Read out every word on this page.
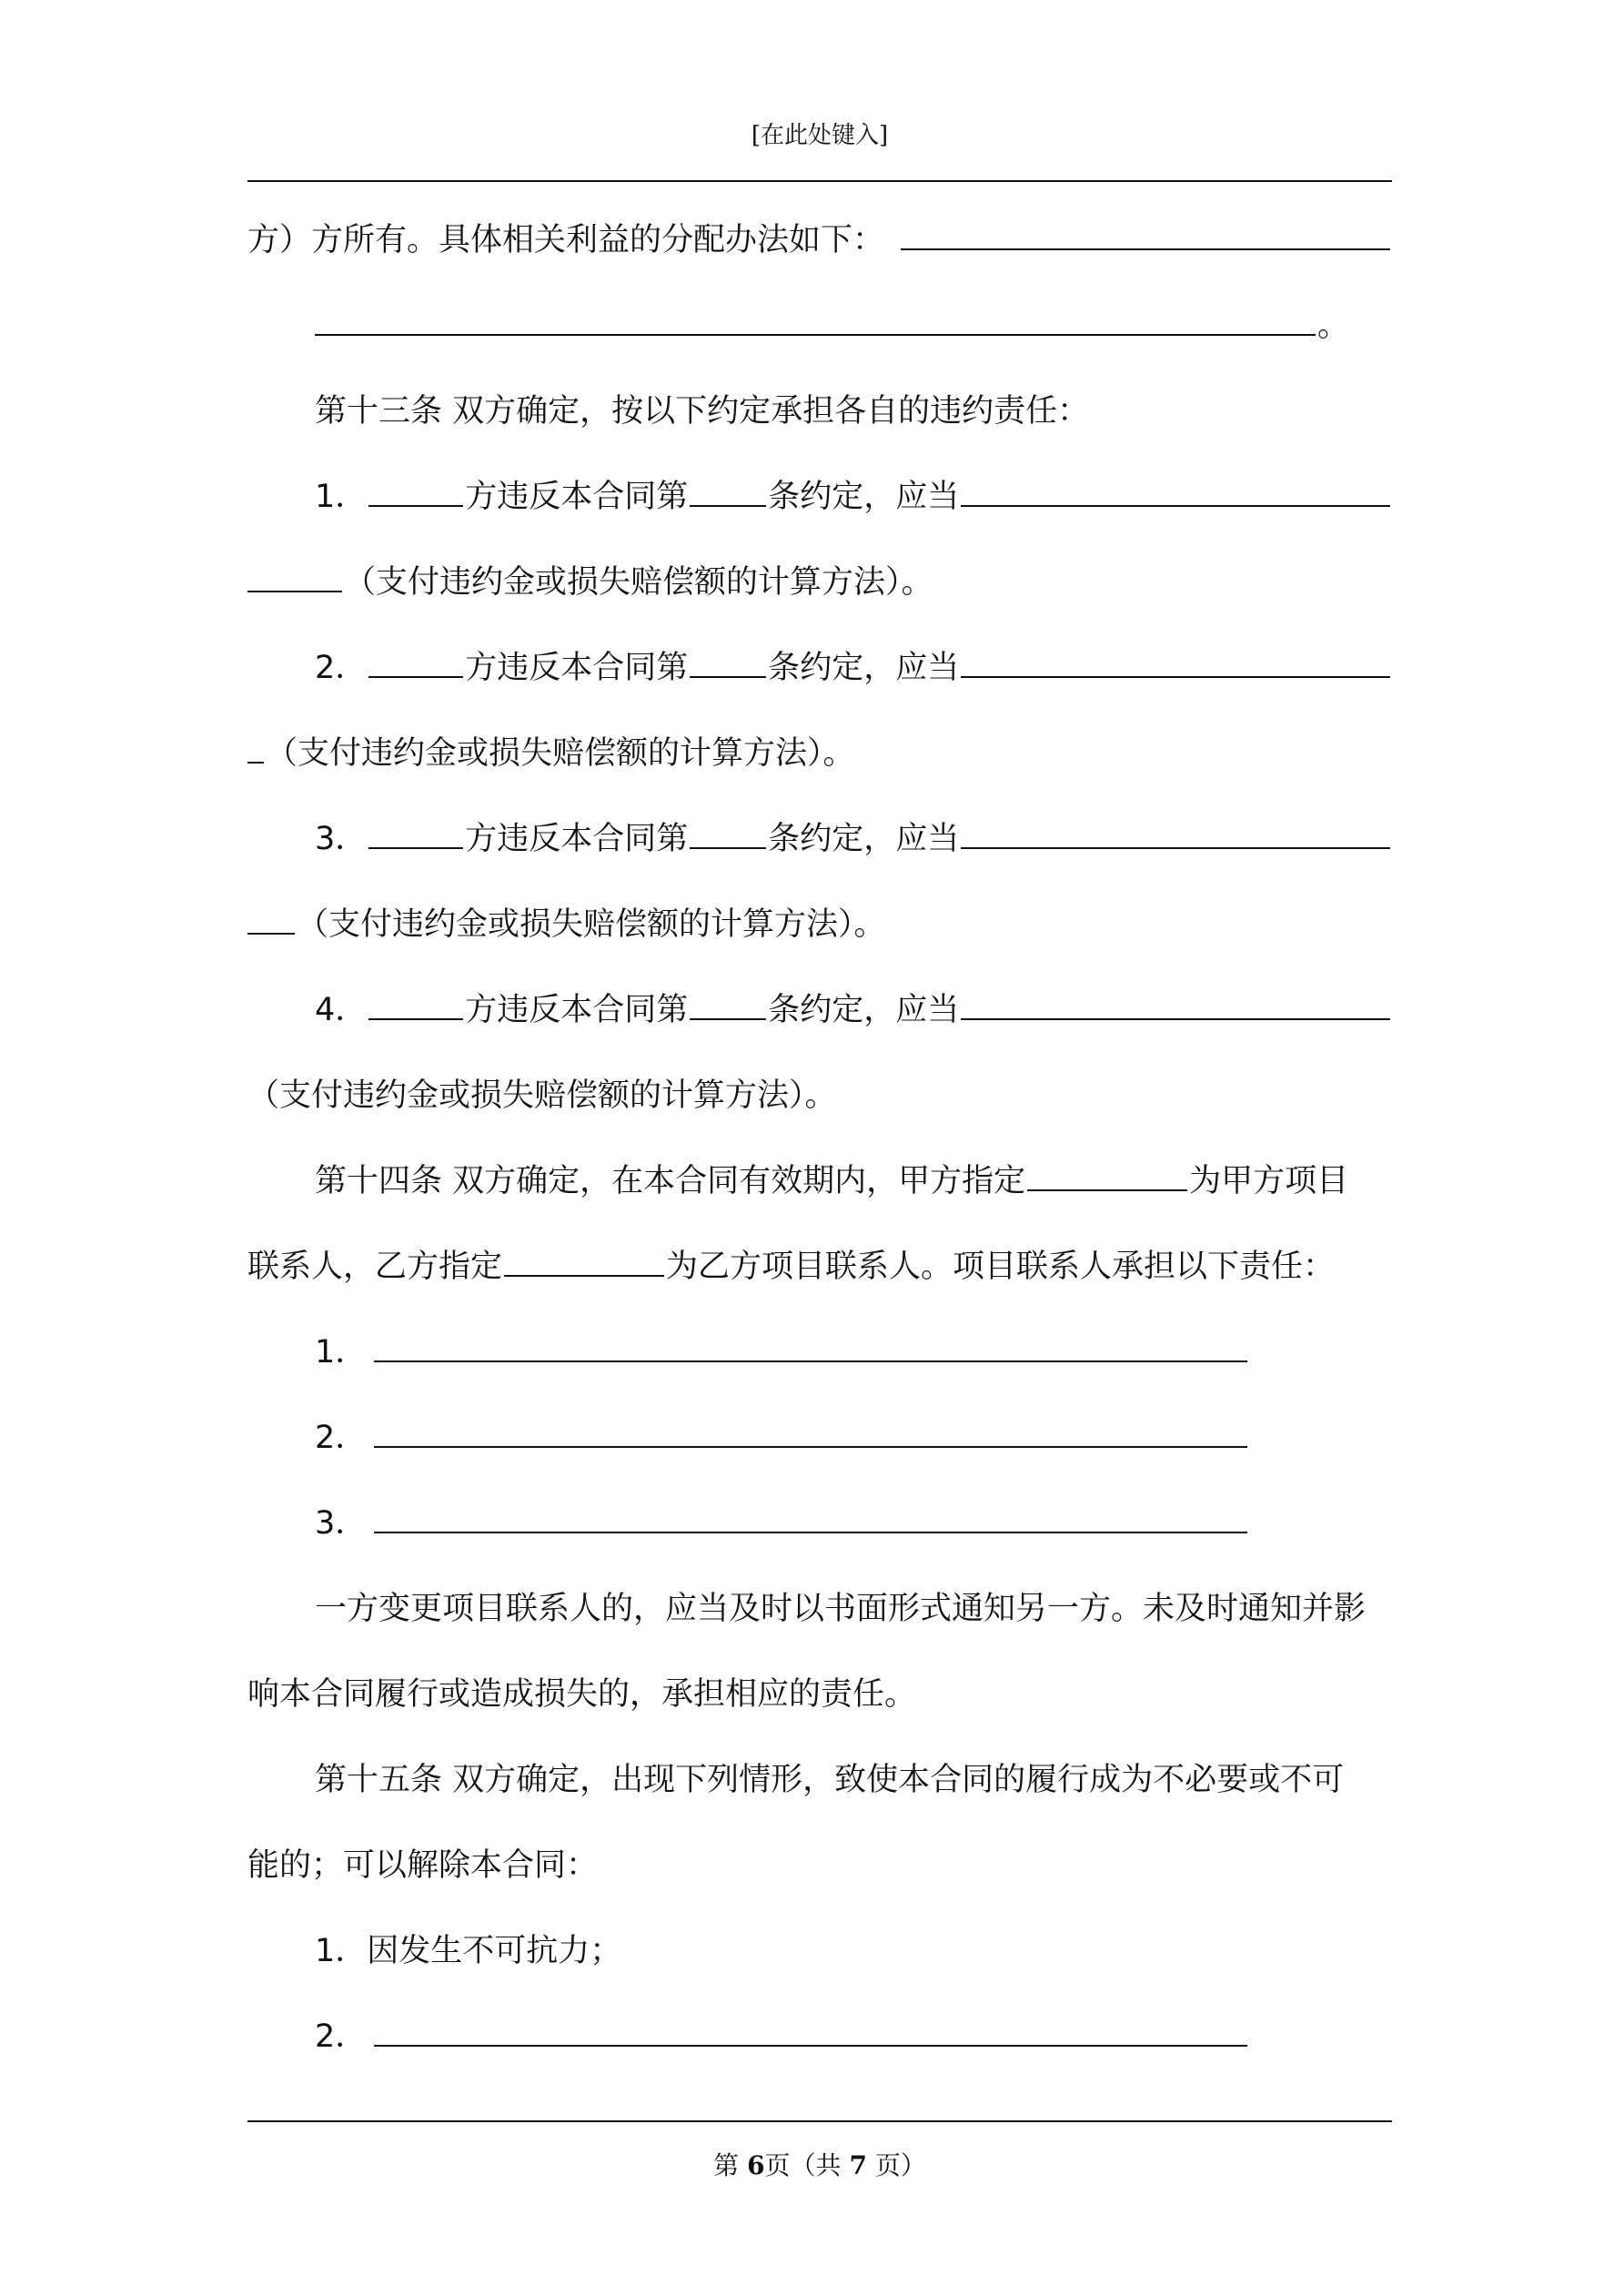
[在此处键入]
方）方所有。具体相关利益的分配办法如下：
。
第十三条 双方确定，按以下约定承担各自的违约责任：
1．	方违反本合同第	条约定，应当
（支付违约金或损失赔偿额的计算方法）。
2．	方违反本合同第	条约定，应当
（支付违约金或损失赔偿额的计算方法）。
3．	方违反本合同第	条约定，应当
（支付违约金或损失赔偿额的计算方法）。
4．	方违反本合同第	条约定，应当
（支付违约金或损失赔偿额的计算方法）。
第十四条 双方确定，在本合同有效期内，甲方指定	为甲方项目
联系人，乙方指定	为乙方项目联系人。项目联系人承担以下责任：
1．
2．
3．
一方变更项目联系人的，应当及时以书面形式通知另一方。未及时通知并影
响本合同履行或造成损失的，承担相应的责任。
第十五条 双方确定，出现下列情形，致使本合同的履行成为不必要或不可
能的；可以解除本合同：
1．因发生不可抗力；
2．
第 6页（共 7 页）
